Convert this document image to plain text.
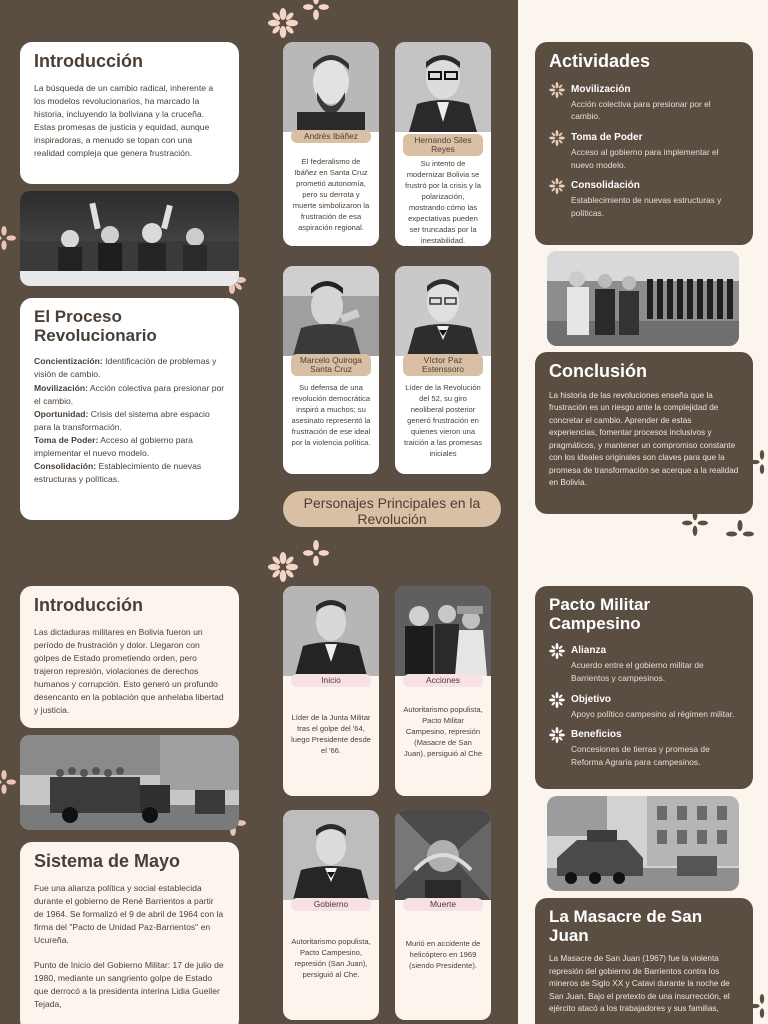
Introducción

La búsqueda de un cambio radical, inherente a los modelos revolucionarios, ha marcado la historia, incluyendo la boliviana y la cruceña. Estas promesas de justicia y equidad, aunque inspiradoras, a menudo se topan con una realidad compleja que genera frustración.

El Proceso Revolucionario

Concientización: Identificación de problemas y visión de cambio.
Movilización: Acción colectiva para presionar por el cambio.
Oportunidad: Crisis del sistema abre espacio para la transformación.
Toma de Poder: Acceso al gobierno para implementar el nuevo modelo.
Consolidación: Establecimiento de nuevas estructuras y políticas.

Andrés Ibáñez
El federalismo de Ibáñez en Santa Cruz prometió autonomía, pero su derrota y muerte simbolizaron la frustración de esa aspiración regional.
Hernando Siles Reyes
Su intento de modernizar Bolivia se frustró por la crisis y la polarización, mostrando cómo las expectativas pueden ser truncadas por la inestabilidad.
Marcelo Quiroga Santa Cruz
Su defensa de una revolución democrática inspiró a muchos; su asesinato representó la frustración de ese ideal por la violencia política.
Víctor Paz Estenssoro
Líder de la Revolución del 52, su giro neoliberal posterior generó frustración en quienes vieron una traición a las promesas iniciales
Personajes Principales en la Revolución
Actividades
Movilización
Acción colectiva para presionar por el cambio.
Toma de Poder
Acceso al gobierno para implementar el nuevo modelo.
Consolidación
Establecimiento de nuevas estructuras y políticas.
Conclusión

La historia de las revoluciones enseña que la frustración es un riesgo ante la complejidad de concretar el cambio. Aprender de estas experiencias, fomentar procesos inclusivos y pragmáticos, y mantener un compromiso constante con los ideales originales son claves para que la promesa de transformación se acerque a la realidad en Bolivia.

Introducción

Las dictaduras militares en Bolivia fueron un período de frustración y dolor. Llegaron con golpes de Estado prometiendo orden, pero trajeron represión, violaciones de derechos humanos y corrupción. Esto generó un profundo desencanto en la población que anhelaba libertad y justicia.

Sistema de Mayo

Fue una alianza política y social establecida durante el gobierno de René Barrientos a partir de 1964. Se formalizó el 9 de abril de 1964 con la firma del "Pacto de Unidad Paz-Barrientos" en Ucureña.

Punto de Inicio del Gobierno Militar: 17 de julio de 1980, mediante un sangriento golpe de Estado que derrocó a la presidenta interina Lidia Gueiler Tejada,

Inicio
Líder de la Junta Militar tras el golpe del '64, luego Presidente desde el '66.
Acciones
Autoritarismo populista, Pacto Militar Campesino, represión (Masacre de San Juan), persiguió al Che
Gobierno
Autoritarismo populista, Pacto Campesino, represión (San Juan), persiguió al Che.
Muerte
Murió en accidente de helicóptero en 1969 (siendo Presidente).
Pacto Militar Campesino
Alianza
Acuerdo entre el gobierno militar de Barrientos y campesinos.
Objetivo
Apoyo político campesino al régimen militar.
Beneficios
Concesiones de tierras y promesa de Reforma Agraria para campesinos.
La Masacre de San Juan

La Masacre de San Juan (1967) fue la violenta represión del gobierno de Barrientos contra los mineros de Siglo XX y Catavi durante la noche de San Juan. Bajo el pretexto de una insurrección, el ejército atacó a los trabajadores y sus familias,
